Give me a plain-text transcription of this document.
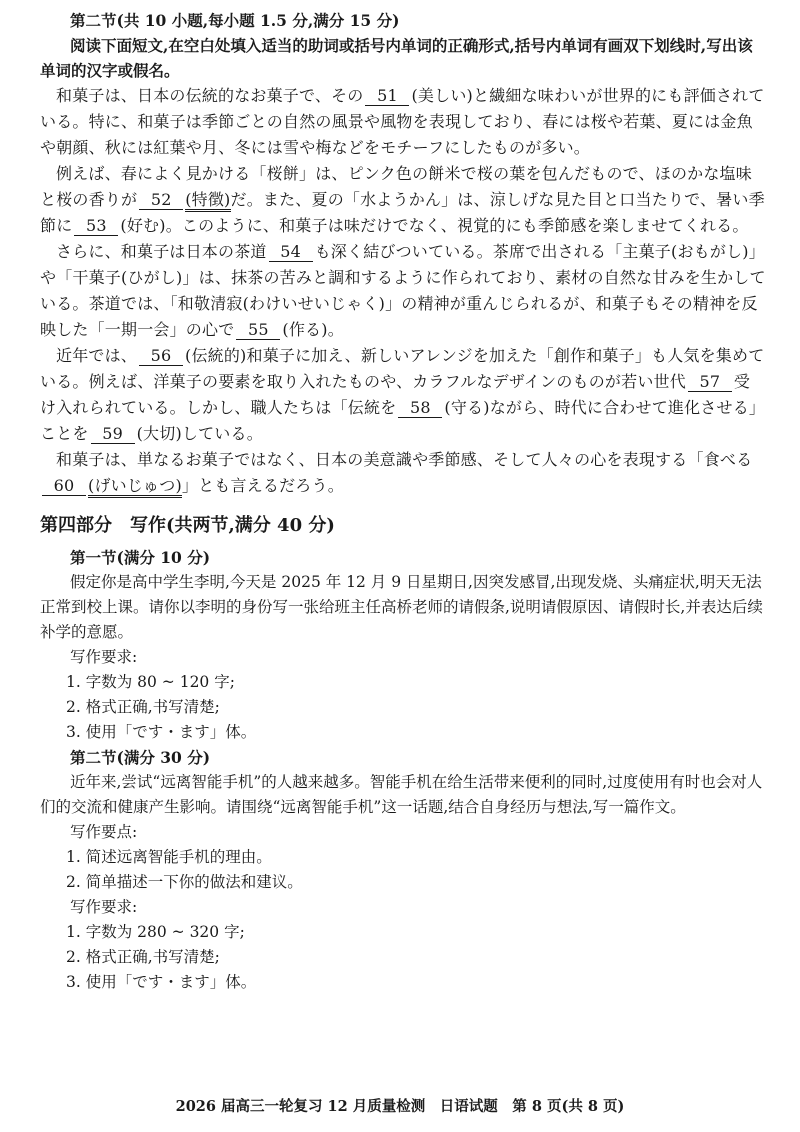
第二节(共 10 小题,每小题 1.5 分,满分 15 分)

阅读下面短文,在空白处填入适当的助词或括号内单词的正确形式,括号内单词有画双下划线时,写出该单词的汉字或假名。

和菓子は、日本の伝統的なお菓子で、その 51 (美しい)と繊細な味わいが世界的にも評価されている。特に、和菓子は季節ごとの自然の風景や風物を表現しており、春には桜や若葉、夏には金魚や朝顔、秋には紅葉や月、冬には雪や梅などをモチーフにしたものが多い。

例えば、春によく見かける「桜餅」は、ピンク色の餅米で桜の葉を包んだもので、ほのかな塩味と桜の香りが 52 (特徴)だ。また、夏の「水ようかん」は、涼しげな見た目と口当たりで、暑い季節に 53 (好む)。このように、和菓子は味だけでなく、視覚的にも季節感を楽しませてくれる。

さらに、和菓子は日本の茶道 54 も深く結びついている。茶席で出される「主菓子(おもがし)」や「干菓子(ひがし)」は、抹茶の苦みと調和するように作られており、素材の自然な甘みを生かしている。茶道では、「和敬清寂(わけいせいじゃく)」の精神が重んじられるが、和菓子もその精神を反映した「一期一会」の心で 55 (作る)。

近年では、 56 (伝統的)和菓子に加え、新しいアレンジを加えた「創作和菓子」も人気を集めている。例えば、洋菓子の要素を取り入れたものや、カラフルなデザインのものが若い世代 57 受け入れられている。しかし、職人たちは「伝統を 58 (守る)ながら、時代に合わせて進化させる」ことを 59 (大切)している。

和菓子は、単なるお菓子ではなく、日本の美意識や季節感、そして人々の心を表現する「食べる60 (げいじゅつ)」とも言えるだろう。

第四部分　写作(共两节,满分 40 分)

第一节(满分 10 分)

假定你是高中学生李明,今天是 2025 年 12 月 9 日星期日,因突发感冒,出现发烧、头痛症状,明天无法正常到校上课。请你以李明的身份写一张给班主任高桥老师的请假条,说明请假原因、请假时长,并表达后续补学的意愿。

写作要求:

1. 字数为 80 ~ 120 字;

2. 格式正确,书写清楚;

3. 使用「です・ます」体。

第二节(满分 30 分)

近年来,尝试“远离智能手机”的人越来越多。智能手机在给生活带来便利的同时,过度使用有时也会对人们的交流和健康产生影响。请围绕“远离智能手机”这一话题,结合自身经历与想法,写一篇作文。

写作要点:

1. 简述远离智能手机的理由。

2. 简单描述一下你的做法和建议。

写作要求:

1. 字数为 280 ~ 320 字;

2. 格式正确,书写清楚;

3. 使用「です・ます」体。

2026 届高三一轮复习 12 月质量检测　日语试题　第 8 页(共 8 页)
